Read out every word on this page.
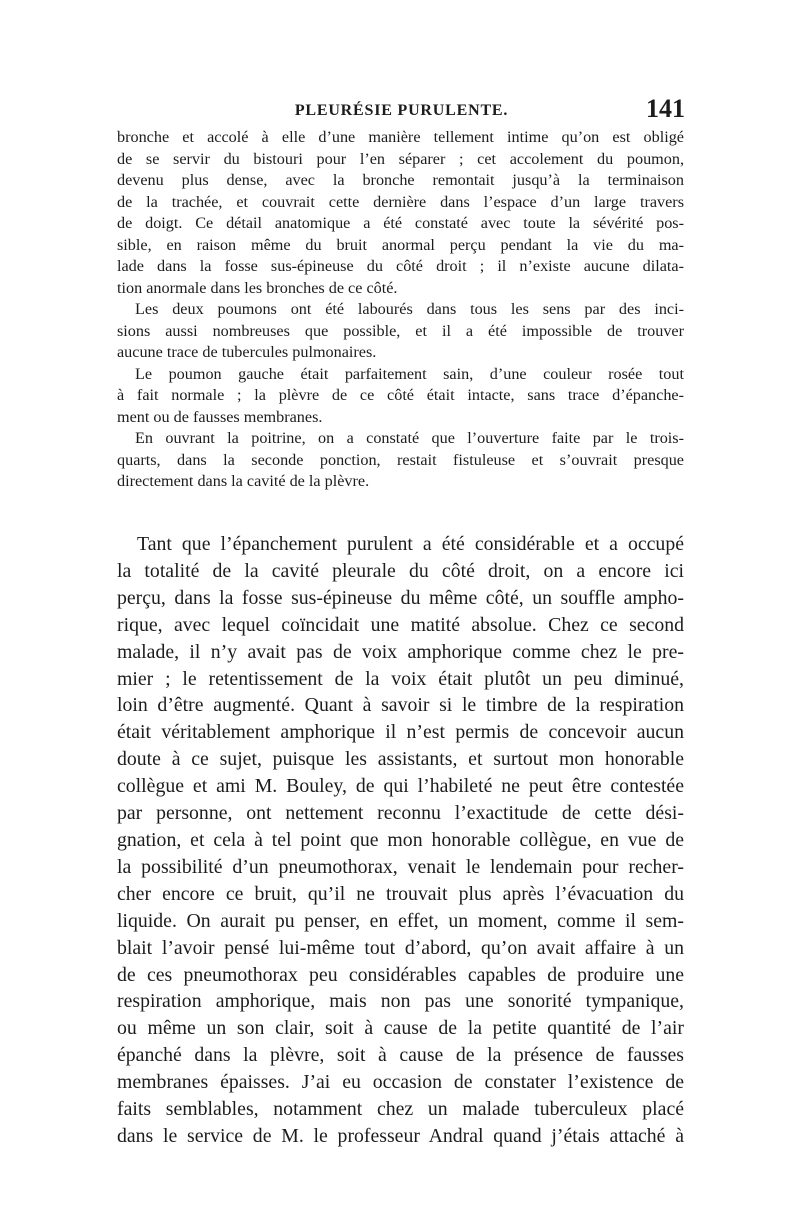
PLEURÉSIE PURULENTE.	141
bronche et accolé à elle d’une manière tellement intime qu’on est obligé
de se servir du bistouri pour l’en séparer ; cet accolement du poumon,
devenu plus dense, avec la bronche remontait jusqu’à la terminaison
de la trachée, et couvrait cette dernière dans l’espace d’un large travers
de doigt. Ce détail anatomique a été constaté avec toute la sévérité pos-
sible, en raison même du bruit anormal perçu pendant la vie du ma-
lade dans la fosse sus-épineuse du côté droit ; il n’existe aucune dilata-
tion anormale dans les bronches de ce côté.
Les deux poumons ont été labourés dans tous les sens par des inci-
sions aussi nombreuses que possible, et il a été impossible de trouver
aucune trace de tubercules pulmonaires.
Le poumon gauche était parfaitement sain, d’une couleur rosée tout
à fait normale ; la plèvre de ce côté était intacte, sans trace d’épanche-
ment ou de fausses membranes.
En ouvrant la poitrine, on a constaté que l’ouverture faite par le trois-
quarts, dans la seconde ponction, restait fistuleuse et s’ouvrait presque
directement dans la cavité de la plèvre.
Tant que l’épanchement purulent a été considérable et a occupé
la totalité de la cavité pleurale du côté droit, on a encore ici
perçu, dans la fosse sus-épineuse du même côté, un souffle ampho-
rique, avec lequel coïncidait une matité absolue. Chez ce second
malade, il n’y avait pas de voix amphorique comme chez le pre-
mier ; le retentissement de la voix était plutôt un peu diminué,
loin d’être augmenté. Quant à savoir si le timbre de la respiration
était véritablement amphorique il n’est permis de concevoir aucun
doute à ce sujet, puisque les assistants, et surtout mon honorable
collègue et ami M. Bouley, de qui l’habileté ne peut être contestée
par personne, ont nettement reconnu l’exactitude de cette dési-
gnation, et cela à tel point que mon honorable collègue, en vue de
la possibilité d’un pneumothorax, venait le lendemain pour recher-
cher encore ce bruit, qu’il ne trouvait plus après l’évacuation du
liquide. On aurait pu penser, en effet, un moment, comme il sem-
blait l’avoir pensé lui-même tout d’abord, qu’on avait affaire à un
de ces pneumothorax peu considérables capables de produire une
respiration amphorique, mais non pas une sonorité tympanique,
ou même un son clair, soit à cause de la petite quantité de l’air
épanché dans la plèvre, soit à cause de la présence de fausses
membranes épaisses. J’ai eu occasion de constater l’existence de
faits semblables, notamment chez un malade tuberculeux placé
dans le service de M. le professeur Andral quand j’étais attaché à
